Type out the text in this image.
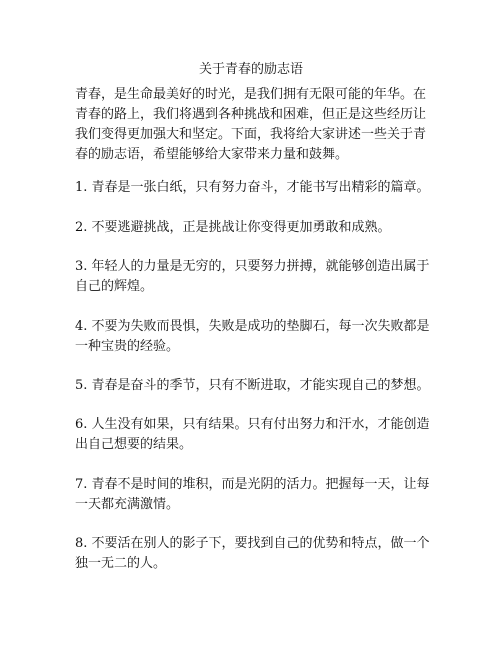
关于青春的励志语

青春，是生命最美好的时光，是我们拥有无限可能的年华。在青春的路上，我们将遇到各种挑战和困难，但正是这些经历让我们变得更加强大和坚定。下面，我将给大家讲述一些关于青春的励志语，希望能够给大家带来力量和鼓舞。

1. 青春是一张白纸，只有努力奋斗，才能书写出精彩的篇章。

2. 不要逃避挑战，正是挑战让你变得更加勇敢和成熟。

3. 年轻人的力量是无穷的，只要努力拼搏，就能够创造出属于自己的辉煌。

4. 不要为失败而畏惧，失败是成功的垫脚石，每一次失败都是一种宝贵的经验。

5. 青春是奋斗的季节，只有不断进取，才能实现自己的梦想。

6. 人生没有如果，只有结果。只有付出努力和汗水，才能创造出自己想要的结果。

7. 青春不是时间的堆积，而是光阴的活力。把握每一天，让每一天都充满激情。

8. 不要活在别人的影子下，要找到自己的优势和特点，做一个独一无二的人。
